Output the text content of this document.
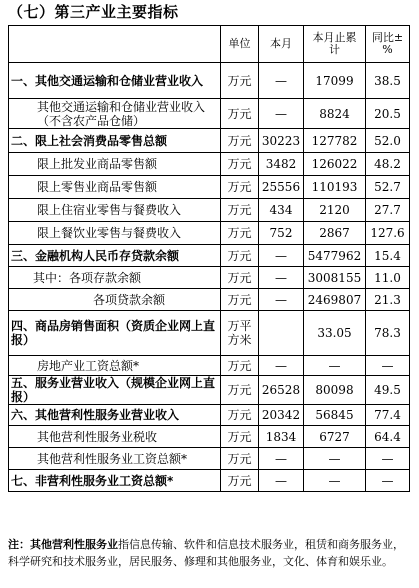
（七）第三产业主要指标
	单位	本月	本月止累 计	同比±%
一、其他交通运输和仓储业营业收入	万元	—	17099	38.5
其他交通运输和仓储业营业收入（不含农产品仓储）	万元	—	8824	20.5
二、限上社会消费品零售总额	万元	30223	127782	52.0
限上批发业商品零售额	万元	3482	126022	48.2
限上零售业商品零售额	万元	25556	110193	52.7
限上住宿业零售与餐费收入	万元	434	2120	27.7
限上餐饮业零售与餐费收入	万元	752	2867	127.6
三、金融机构人民币存贷款余额	万元	—	5477962	15.4
其中：各项存款余额	万元	—	3008155	11.0
各项贷款余额	万元	—	2469807	21.3
四、商品房销售面积（资质企业网上直报）	万平方米		33.05	78.3
房地产业工资总额*	万元	—	—	—
五、服务业营业收入（规模企业网上直报）	万元	26528	80098	49.5
六、其他营利性服务业营业收入	万元	20342	56845	77.4
其他营利性服务业税收	万元	1834	6727	64.4
其他营利性服务业工资总额*	万元	—	—	—
七、非营利性服务业工资总额*	万元	—	—	—
注：其他营利性服务业指信息传输、软件和信息技术服务业，租赁和商务服务业，科学研究和技术服务业，居民服务、修理和其他服务业，文化、体育和娱乐业。
